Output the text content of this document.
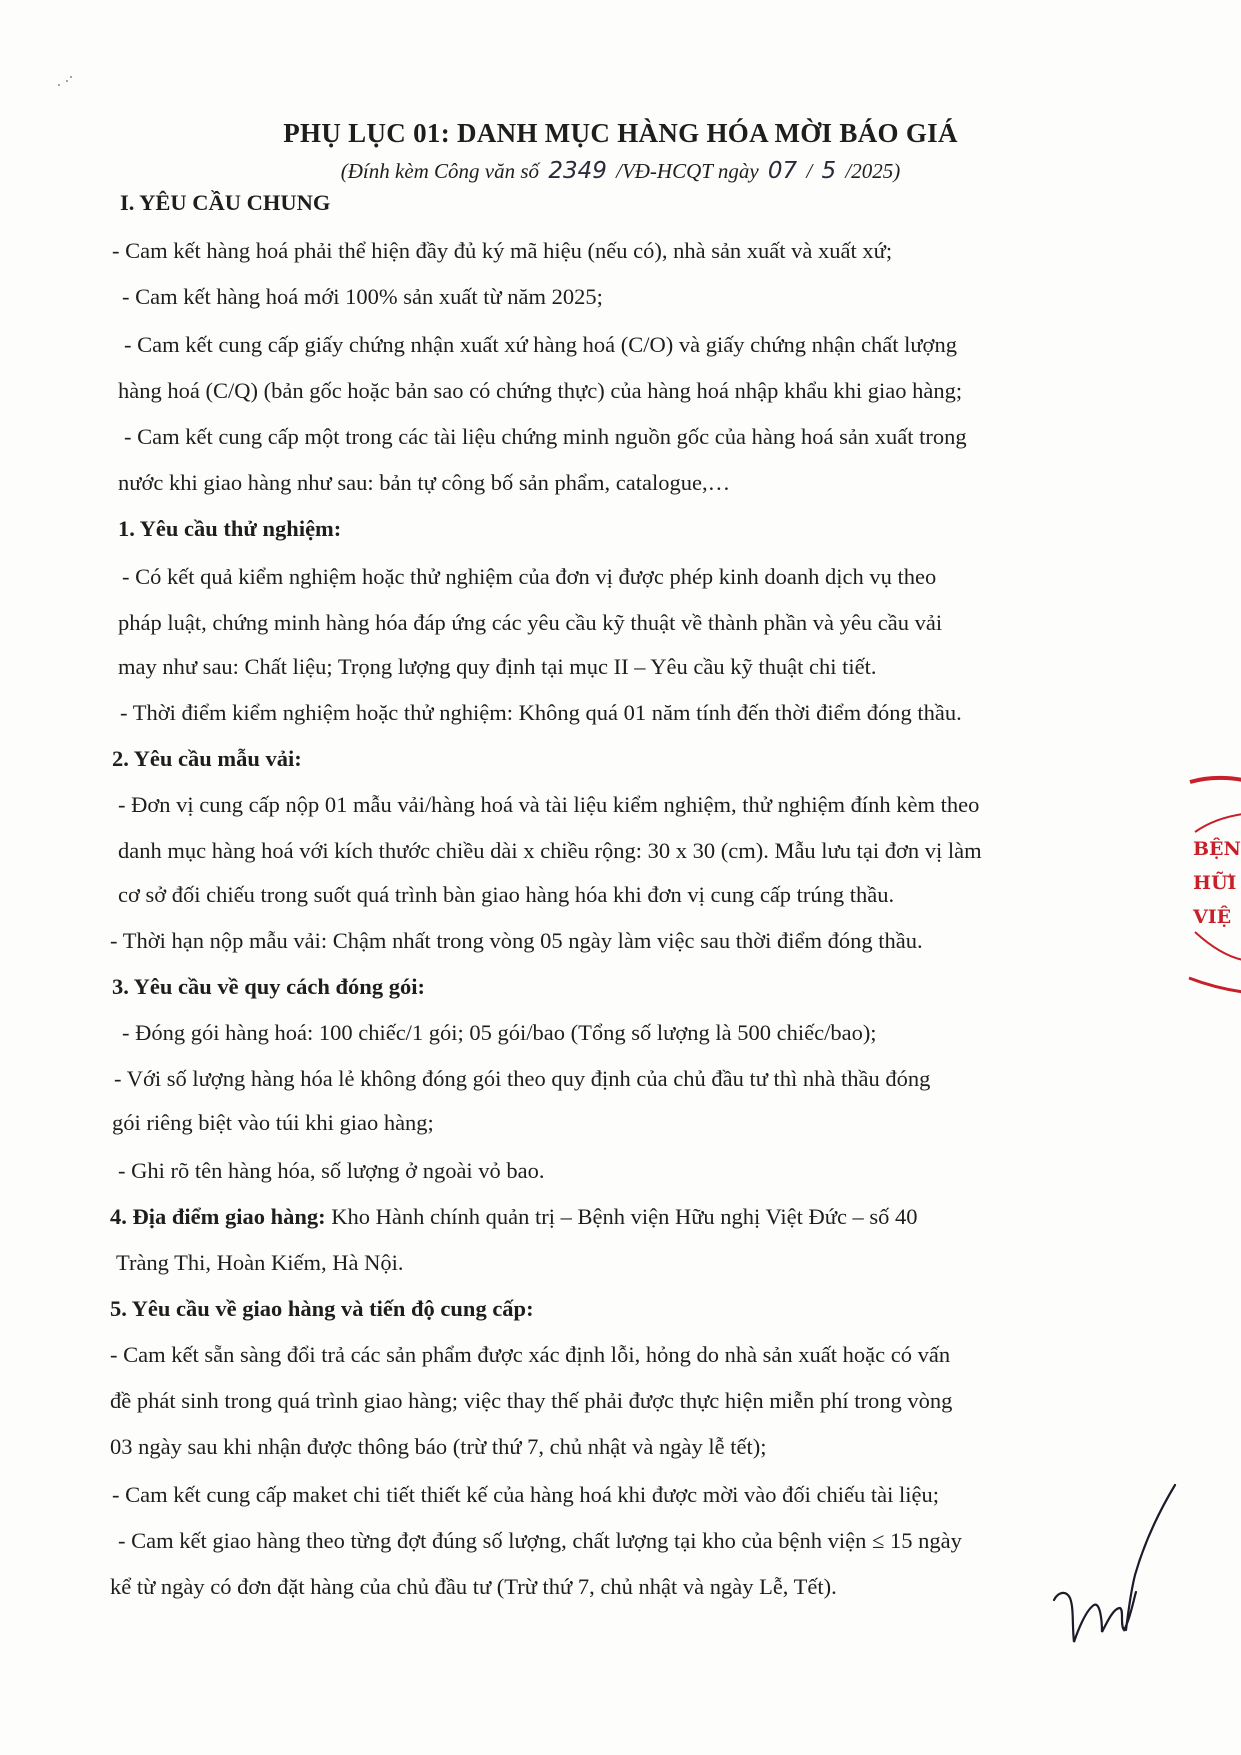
PHỤ LỤC 01: DANH MỤC HÀNG HÓA MỜI BÁO GIÁ
(Đính kèm Công văn số 2349 /VĐ-HCQT ngày 07 / 5 /2025)
I. YÊU CẦU CHUNG
- Cam kết hàng hoá phải thể hiện đầy đủ ký mã hiệu (nếu có), nhà sản xuất và xuất xứ;
- Cam kết hàng hoá mới 100% sản xuất từ năm 2025;
- Cam kết cung cấp giấy chứng nhận xuất xứ hàng hoá (C/O) và giấy chứng nhận chất lượng
hàng hoá (C/Q) (bản gốc hoặc bản sao có chứng thực) của hàng hoá nhập khẩu khi giao hàng;
- Cam kết cung cấp một trong các tài liệu chứng minh nguồn gốc của hàng hoá sản xuất trong
nước khi giao hàng như sau: bản tự công bố sản phẩm, catalogue,…
1. Yêu cầu thử nghiệm:
- Có kết quả kiểm nghiệm hoặc thử nghiệm của đơn vị được phép kinh doanh dịch vụ theo
pháp luật, chứng minh hàng hóa đáp ứng các yêu cầu kỹ thuật về thành phần và yêu cầu vải
may như sau: Chất liệu; Trọng lượng quy định tại mục II – Yêu cầu kỹ thuật chi tiết.
- Thời điểm kiểm nghiệm hoặc thử nghiệm: Không quá 01 năm tính đến thời điểm đóng thầu.
2. Yêu cầu mẫu vải:
- Đơn vị cung cấp nộp 01 mẫu vải/hàng hoá và tài liệu kiểm nghiệm, thử nghiệm đính kèm theo
danh mục hàng hoá với kích thước chiều dài x chiều rộng: 30 x 30 (cm). Mẫu lưu tại đơn vị làm
cơ sở đối chiếu trong suốt quá trình bàn giao hàng hóa khi đơn vị cung cấp trúng thầu.
- Thời hạn nộp mẫu vải: Chậm nhất trong vòng 05 ngày làm việc sau thời điểm đóng thầu.
3. Yêu cầu về quy cách đóng gói:
- Đóng gói hàng hoá: 100 chiếc/1 gói; 05 gói/bao (Tổng số lượng là 500 chiếc/bao);
- Với số lượng hàng hóa lẻ không đóng gói theo quy định của chủ đầu tư thì nhà thầu đóng
gói riêng biệt vào túi khi giao hàng;
- Ghi rõ tên hàng hóa, số lượng ở ngoài vỏ bao.
4. Địa điểm giao hàng: Kho Hành chính quản trị – Bệnh viện Hữu nghị Việt Đức – số 40
Tràng Thi, Hoàn Kiếm, Hà Nội.
5. Yêu cầu về giao hàng và tiến độ cung cấp:
- Cam kết sẵn sàng đổi trả các sản phẩm được xác định lỗi, hỏng do nhà sản xuất hoặc có vấn
đề phát sinh trong quá trình giao hàng; việc thay thế phải được thực hiện miễn phí trong vòng
03 ngày sau khi nhận được thông báo (trừ thứ 7, chủ nhật và ngày lễ tết);
- Cam kết cung cấp maket chi tiết thiết kế của hàng hoá khi được mời vào đối chiếu tài liệu;
- Cam kết giao hàng theo từng đợt đúng số lượng, chất lượng tại kho của bệnh viện ≤ 15 ngày
kể từ ngày có đơn đặt hàng của chủ đầu tư (Trừ thứ 7, chủ nhật và ngày Lễ, Tết).
BỆN
HỮI
VIỆ
